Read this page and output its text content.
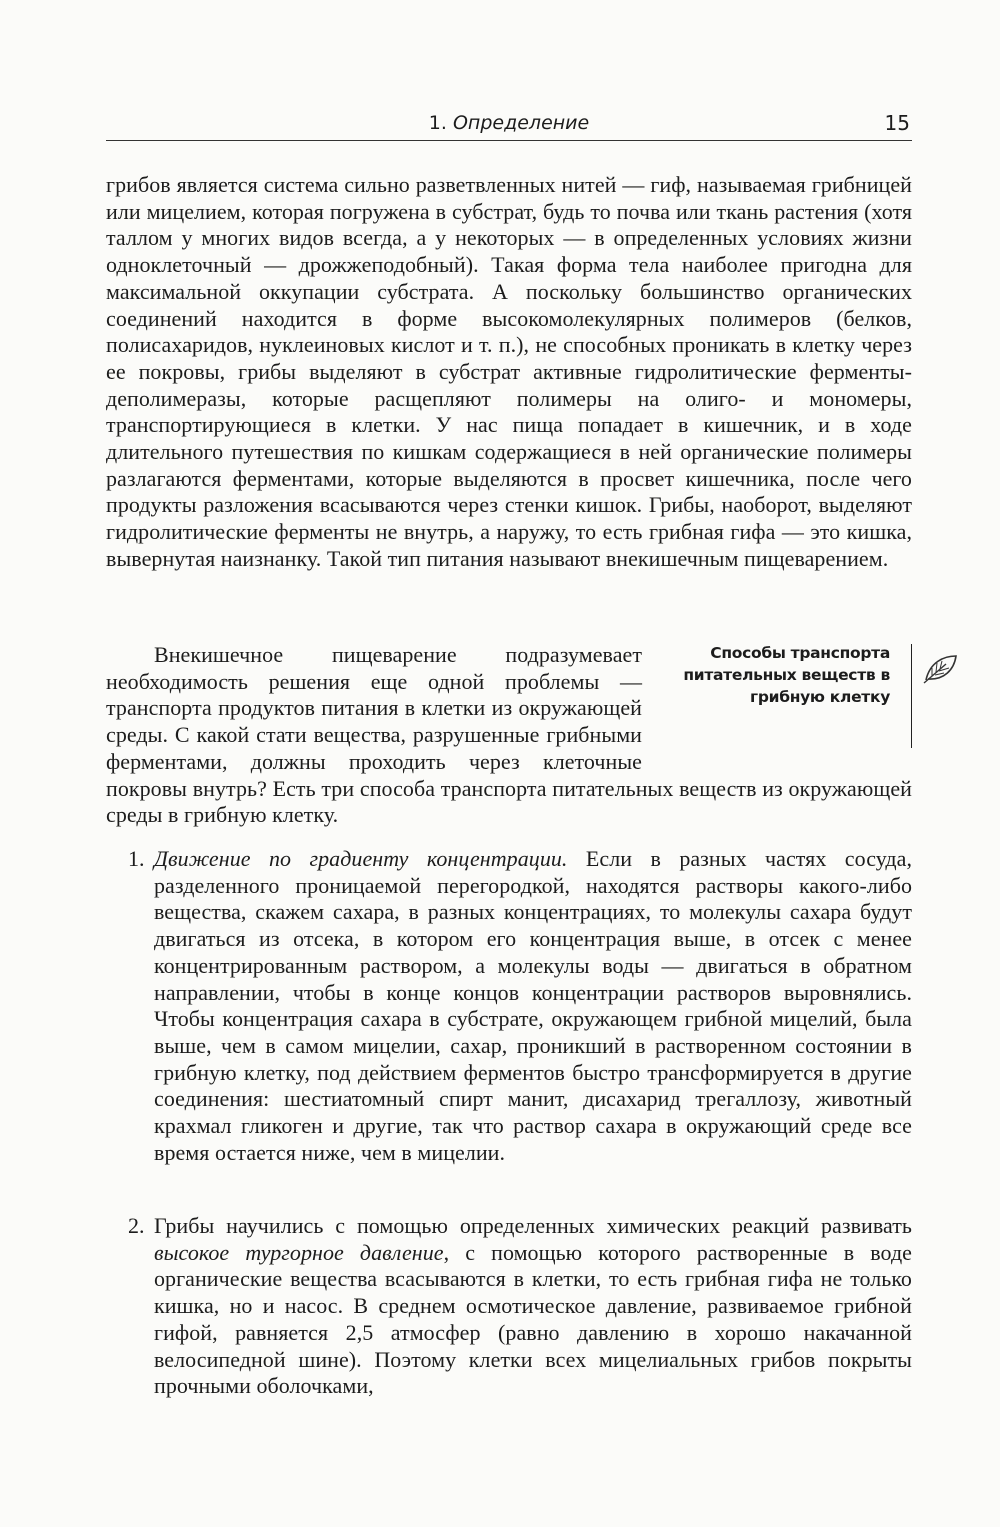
1. Определение	15
грибов является система сильно разветвленных нитей — гиф, называемая грибницей или мицелием, которая погружена в субстрат, будь то почва или ткань растения (хотя таллом у многих видов всегда, а у некоторых — в определенных условиях жизни одноклеточный — дрожжеподобный). Такая форма тела наиболее пригодна для максимальной оккупации субстрата. А поскольку большинство органических соединений находится в форме высокомолекулярных полимеров (белков, полисахаридов, нуклеиновых кислот и т. п.), не способных проникать в клетку через ее покровы, грибы выделяют в субстрат активные гидролитические ферменты-деполимеразы, которые расщепляют полимеры на олиго- и мономеры, транспортирующиеся в клетки. У нас пища попадает в кишечник, и в ходе длительного путешествия по кишкам содержащиеся в ней органические полимеры разлагаются ферментами, которые выделяются в просвет кишечника, после чего продукты разложения всасываются через стенки кишок. Грибы, наоборот, выделяют гидролитические ферменты не внутрь, а наружу, то есть грибная гифа — это кишка, вывернутая наизнанку. Такой тип питания называют внекишечным пищеварением.
Способы транспорта питательных веществ в грибную клетку
Внекишечное пищеварение подразумевает необходимость решения еще одной проблемы — транспорта продуктов питания в клетки из окружающей среды. С какой стати вещества, разрушенные грибными ферментами, должны проходить через клеточные покровы внутрь? Есть три способа транспорта питательных веществ из окружающей среды в грибную клетку.
1. Движение по градиенту концентрации. Если в разных частях сосуда, разделенного проницаемой перегородкой, находятся растворы какого-либо вещества, скажем сахара, в разных концентрациях, то молекулы сахара будут двигаться из отсека, в котором его концентрация выше, в отсек с менее концентрированным раствором, а молекулы воды — двигаться в обратном направлении, чтобы в конце концов концентрации растворов выровнялись. Чтобы концентрация сахара в субстрате, окружающем грибной мицелий, была выше, чем в самом мицелии, сахар, проникший в растворенном состоянии в грибную клетку, под действием ферментов быстро трансформируется в другие соединения: шестиатомный спирт манит, дисахарид трегаллозу, животный крахмал гликоген и другие, так что раствор сахара в окружающий среде все время остается ниже, чем в мицелии.
2. Грибы научились с помощью определенных химических реакций развивать высокое тургорное давление, с помощью которого растворенные в воде органические вещества всасываются в клетки, то есть грибная гифа не только кишка, но и насос. В среднем осмотическое давление, развиваемое грибной гифой, равняется 2,5 атмосфер (равно давлению в хорошо накачанной велосипедной шине). Поэтому клетки всех мицелиальных грибов покрыты прочными оболочками,
